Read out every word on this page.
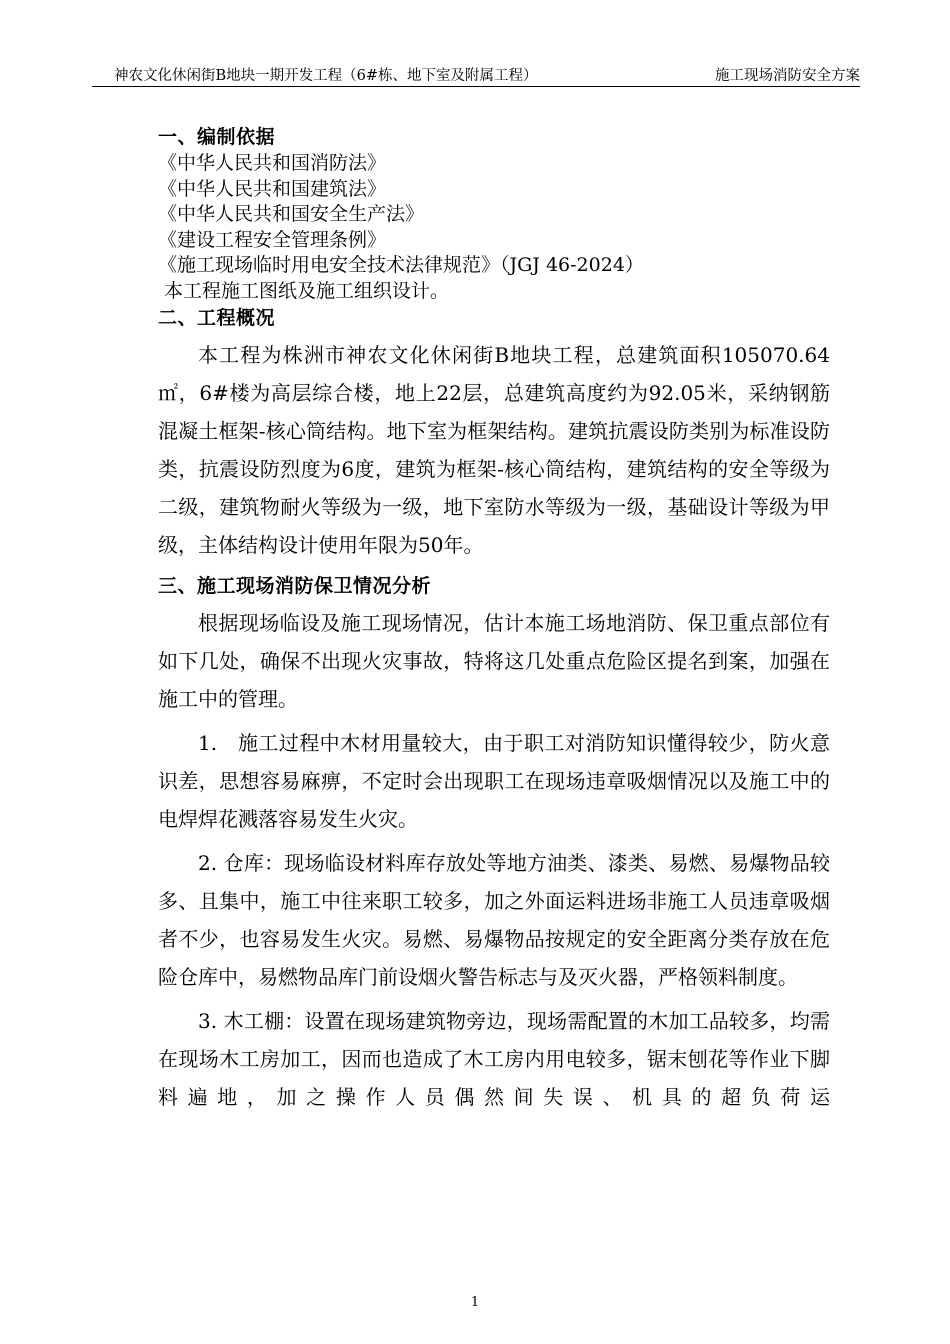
神农文化休闲街B地块一期开发工程（6#栋、地下室及附属工程）	施工现场消防安全方案
一、编制依据
《中华人民共和国消防法》
《中华人民共和国建筑法》
《中华人民共和国安全生产法》
《建设工程安全管理条例》
《施工现场临时用电安全技术法律规范》（JGJ 46-2024）
本工程施工图纸及施工组织设计。
二、工程概况

本工程为株洲市神农文化休闲街B地块工程，总建筑面积105070.64㎡，6#楼为高层综合楼，地上22层，总建筑高度约为92.05米，采纳钢筋混凝土框架-核心筒结构。地下室为框架结构。建筑抗震设防类别为标准设防类，抗震设防烈度为6度，建筑为框架-核心筒结构，建筑结构的安全等级为二级，建筑物耐火等级为一级，地下室防水等级为一级，基础设计等级为甲级，主体结构设计使用年限为50年。

三、施工现场消防保卫情况分析

根据现场临设及施工现场情况，估计本施工场地消防、保卫重点部位有如下几处，确保不出现火灾事故，特将这几处重点危险区提名到案，加强在施工中的管理。

1.　施工过程中木材用量较大，由于职工对消防知识懂得较少，防火意识差，思想容易麻痹，不定时会出现职工在现场违章吸烟情况以及施工中的电焊焊花溅落容易发生火灾。

2. 仓库：现场临设材料库存放处等地方油类、漆类、易燃、易爆物品较多、且集中，施工中往来职工较多，加之外面运料进场非施工人员违章吸烟者不少，也容易发生火灾。易燃、易爆物品按规定的安全距离分类存放在危险仓库中，易燃物品库门前设烟火警告标志与及灭火器，严格领料制度。

3. 木工棚：设置在现场建筑物旁边，现场需配置的木加工品较多，均需在现场木工房加工，因而也造成了木工房内用电较多，锯末刨花等作业下脚料遍地，加之操作人员偶然间失误、机具的超负荷运

1
